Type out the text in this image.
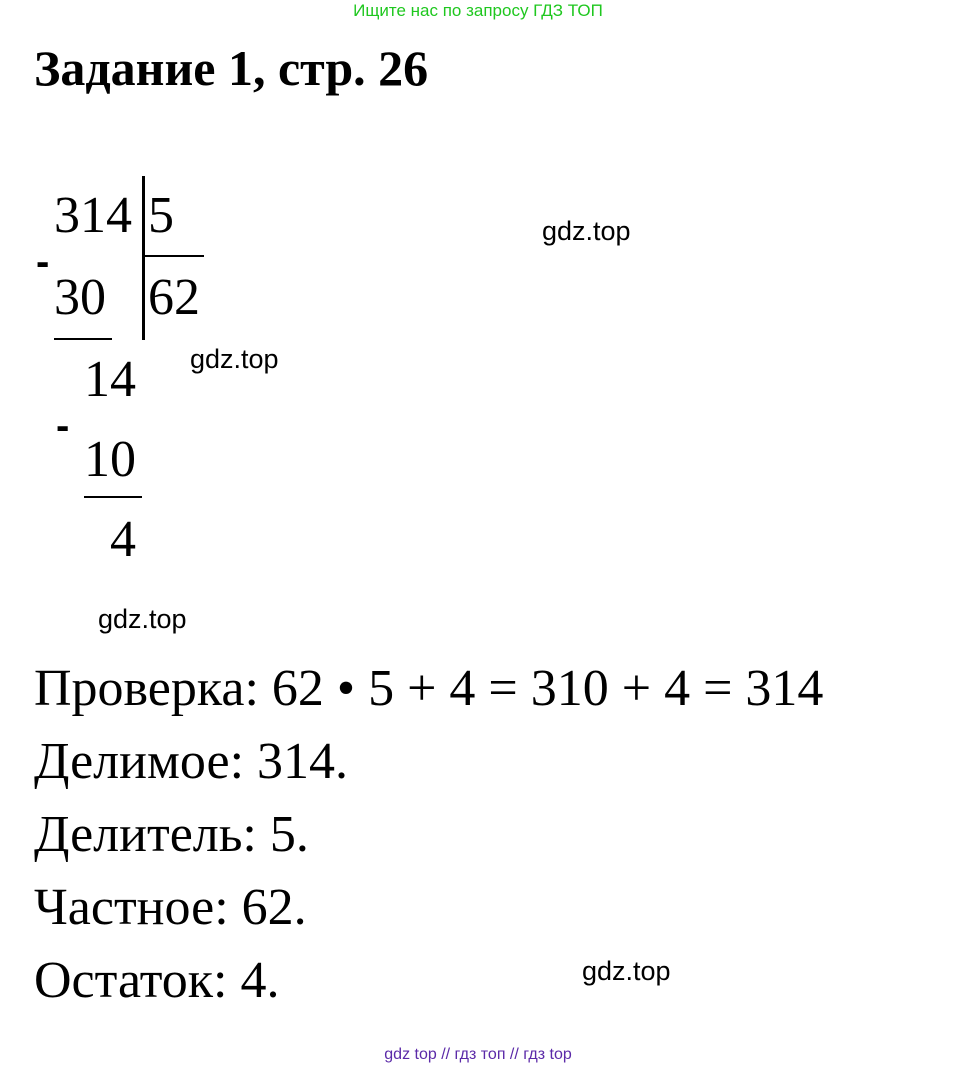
Ищите нас по запросу ГДЗ ТОП
Задание 1, стр. 26
314 5
62
-
30
14
-
10
4
gdz.top
gdz.top
gdz.top
gdz.top
Проверка: 62 • 5 + 4 = 310 + 4 = 314
Делимое: 314.
Делитель: 5.
Частное: 62.
Остаток: 4.
gdz top // гдз топ // гдз top
